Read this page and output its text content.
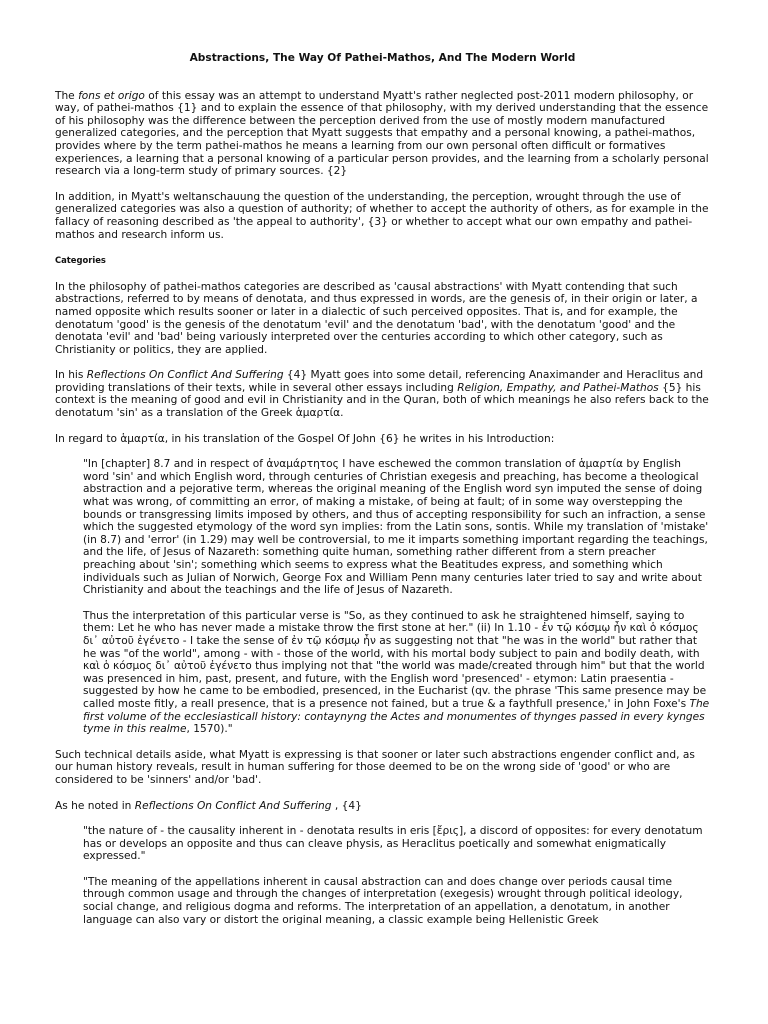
Abstractions, The Way Of Pathei-Mathos, And The Modern World

The fons et origo of this essay was an attempt to understand Myatt's rather neglected post-2011 modern philosophy, or way, of pathei-mathos {1} and to explain the essence of that philosophy, with my derived understanding that the essence of his philosophy was the difference between the perception derived from the use of mostly modern manufactured generalized categories, and the perception that Myatt suggests that empathy and a personal knowing, a pathei-mathos, provides where by the term pathei-mathos he means a learning from our own personal often difficult or formatives experiences, a learning that a personal knowing of a particular person provides, and the learning from a scholarly personal research via a long-term study of primary sources. {2}

In addition, in Myatt's weltanschauung the question of the understanding, the perception, wrought through the use of generalized categories was also a question of authority; of whether to accept the authority of others, as for example in the fallacy of reasoning described as 'the appeal to authority', {3} or whether to accept what our own empathy and pathei-mathos and research inform us.

Categories

In the philosophy of pathei-mathos categories are described as 'causal abstractions' with Myatt contending that such abstractions, referred to by means of denotata, and thus expressed in words, are the genesis of, in their origin or later, a named opposite which results sooner or later in a dialectic of such perceived opposites. That is, and for example, the denotatum 'good' is the genesis of the denotatum 'evil' and the denotatum 'bad', with the denotatum 'good' and the denotata 'evil' and 'bad' being variously interpreted over the centuries according to which other category, such as Christianity or politics, they are applied.

In his Reflections On Conflict And Suffering {4} Myatt goes into some detail, referencing Anaximander and Heraclitus and providing translations of their texts, while in several other essays including Religion, Empathy, and Pathei-Mathos {5} his context is the meaning of good and evil in Christianity and in the Quran, both of which meanings he also refers back to the denotatum 'sin' as a translation of the Greek ἁμαρτία.

In regard to ἁμαρτία, in his translation of the Gospel Of John {6} he writes in his Introduction:

"In [chapter] 8.7 and in respect of ἀναμάρτητος I have eschewed the common translation of ἁμαρτία by English word 'sin' and which English word, through centuries of Christian exegesis and preaching, has become a theological abstraction and a pejorative term, whereas the original meaning of the English word syn imputed the sense of doing what was wrong, of committing an error, of making a mistake, of being at fault; of in some way overstepping the bounds or transgressing limits imposed by others, and thus of accepting responsibility for such an infraction, a sense which the suggested etymology of the word syn implies: from the Latin sons, sontis. While my translation of 'mistake' (in 8.7) and 'error' (in 1.29) may well be controversial, to me it imparts something important regarding the teachings, and the life, of Jesus of Nazareth: something quite human, something rather different from a stern preacher preaching about 'sin'; something which seems to express what the Beatitudes express, and something which individuals such as Julian of Norwich, George Fox and William Penn many centuries later tried to say and write about Christianity and about the teachings and the life of Jesus of Nazareth.

Thus the interpretation of this particular verse is "So, as they continued to ask he straightened himself, saying to them: Let he who has never made a mistake throw the first stone at her." (ii) In 1.10 - ἐν τῷ κόσμῳ ἦν καὶ ὁ κόσμος δι᾽ αὐτοῦ ἐγένετο - I take the sense of ἐν τῷ κόσμῳ ἦν as suggesting not that "he was in the world" but rather that he was "of the world", among - with - those of the world, with his mortal body subject to pain and bodily death, with καὶ ὁ κόσμος δι᾽ αὐτοῦ ἐγένετο thus implying not that "the world was made/created through him" but that the world was presenced in him, past, present, and future, with the English word 'presenced' - etymon: Latin praesentia - suggested by how he came to be embodied, presenced, in the Eucharist (qv. the phrase 'This same presence may be called moste fitly, a reall presence, that is a presence not fained, but a true & a faythfull presence,' in John Foxe's The first volume of the ecclesiasticall history: contaynyng the Actes and monumentes of thynges passed in every kynges tyme in this realme, 1570)."

Such technical details aside, what Myatt is expressing is that sooner or later such abstractions engender conflict and, as our human history reveals, result in human suffering for those deemed to be on the wrong side of 'good' or who are considered to be 'sinners' and/or 'bad'.

As he noted in Reflections On Conflict And Suffering , {4}

"the nature of - the causality inherent in - denotata results in eris [ἔρις], a discord of opposites: for every denotatum has or develops an opposite and thus can cleave physis, as Heraclitus poetically and somewhat enigmatically expressed."

"The meaning of the appellations inherent in causal abstraction can and does change over periods causal time through common usage and through the changes of interpretation (exegesis) wrought through political ideology, social change, and religious dogma and reforms. The interpretation of an appellation, a denotatum, in another language can also vary or distort the original meaning, a classic example being Hellenistic Greek
